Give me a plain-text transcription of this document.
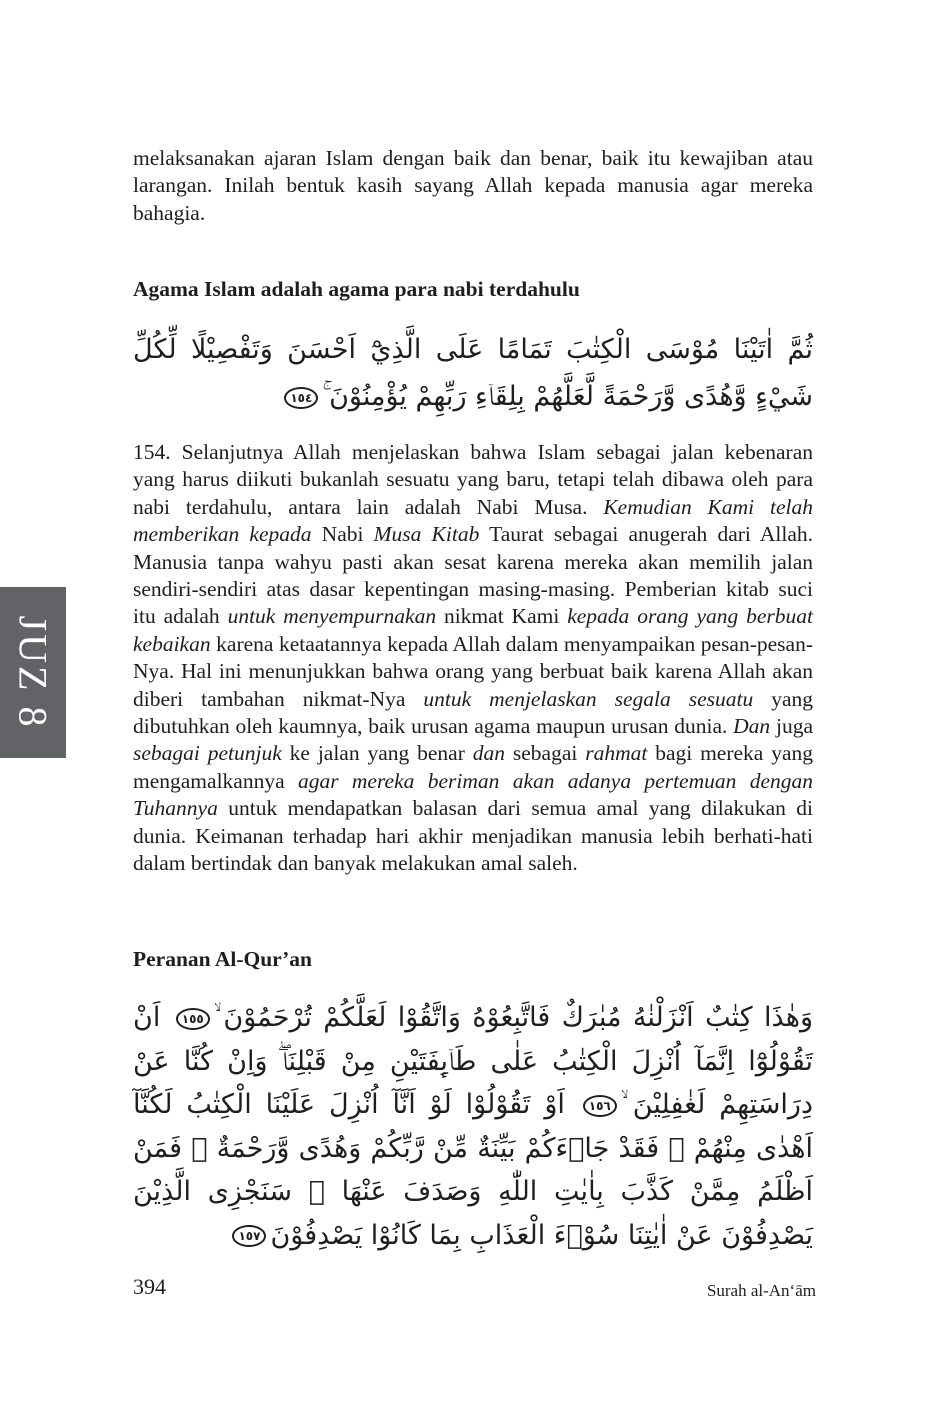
melaksanakan ajaran Islam dengan baik dan benar, baik itu kewajiban atau larangan. Inilah bentuk kasih sayang Allah kepada manusia agar mereka bahagia.

Agama Islam adalah agama para nabi terdahulu

ثُمَّ اٰتَيْنَا مُوْسَى الْكِتٰبَ تَمَامًا عَلَى الَّذِيْٓ اَحْسَنَ وَتَفْصِيْلًا لِّكُلِّ شَيْءٍ وَّهُدًى وَّرَحْمَةً لَّعَلَّهُمْ بِلِقَاۤءِ رَبِّهِمْ يُؤْمِنُوْنَ ۚ١٥٤

154. Selanjutnya Allah menjelaskan bahwa Islam sebagai jalan kebenaran yang harus diikuti bukanlah sesuatu yang baru, tetapi telah dibawa oleh para nabi terdahulu, antara lain adalah Nabi Musa. Kemudian Kami telah memberikan kepada Nabi Musa Kitab Taurat sebagai anugerah dari Allah. Manusia tanpa wahyu pasti akan sesat karena mereka akan memilih jalan sendiri-sendiri atas dasar kepentingan masing-masing. Pemberian kitab suci itu adalah untuk menyempurnakan nikmat Kami kepada orang yang berbuat kebaikan karena ketaatannya kepada Allah dalam menyampaikan pesan-pesan-Nya. Hal ini menunjukkan bahwa orang yang berbuat baik karena Allah akan diberi tambahan nikmat-Nya untuk menjelaskan segala sesuatu yang dibutuhkan oleh kaumnya, baik urusan agama maupun urusan dunia. Dan juga sebagai petunjuk ke jalan yang benar dan sebagai rahmat bagi mereka yang mengamalkannya agar mereka beriman akan adanya pertemuan dengan Tuhannya untuk mendapatkan balasan dari semua amal yang dilakukan di dunia. Keimanan terhadap hari akhir menjadikan manusia lebih berhati-hati dalam bertindak dan banyak melakukan amal saleh.

Peranan Al-Qur’an

وَهٰذَا كِتٰبٌ اَنْزَلْنٰهُ مُبٰرَكٌ فَاتَّبِعُوْهُ وَاتَّقُوْا لَعَلَّكُمْ تُرْحَمُوْنَ ۙ١٥٥ اَنْ تَقُوْلُوْٓا اِنَّمَآ اُنْزِلَ الْكِتٰبُ عَلٰى طَاۤىِٕفَتَيْنِ مِنْ قَبْلِنَاۖ وَاِنْ كُنَّا عَنْ دِرَاسَتِهِمْ لَغٰفِلِيْنَ ۙ١٥٦ اَوْ تَقُوْلُوْا لَوْ اَنَّآ اُنْزِلَ عَلَيْنَا الْكِتٰبُ لَكُنَّآ اَهْدٰى مِنْهُمْ ۚ فَقَدْ جَاۤءَكُمْ بَيِّنَةٌ مِّنْ رَّبِّكُمْ وَهُدًى وَّرَحْمَةٌ ۚ فَمَنْ اَظْلَمُ مِمَّنْ كَذَّبَ بِاٰيٰتِ اللّٰهِ وَصَدَفَ عَنْهَا ۗ سَنَجْزِى الَّذِيْنَ يَصْدِفُوْنَ عَنْ اٰيٰتِنَا سُوْۤءَ الْعَذَابِ بِمَا كَانُوْا يَصْدِفُوْنَ١٥٧

JUZ 8

394	Surah al-An‘ām
